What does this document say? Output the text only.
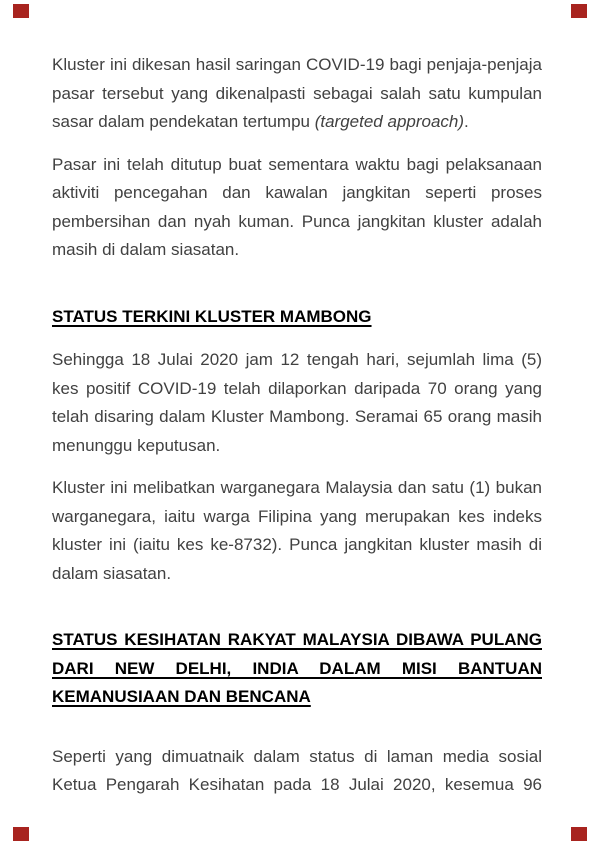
Kluster ini dikesan hasil saringan COVID-19 bagi penjaja-penjaja pasar tersebut yang dikenalpasti sebagai salah satu kumpulan sasar dalam pendekatan tertumpu (targeted approach).

Pasar ini telah ditutup buat sementara waktu bagi pelaksanaan aktiviti pencegahan dan kawalan jangkitan seperti proses pembersihan dan nyah kuman. Punca jangkitan kluster adalah masih di dalam siasatan.

STATUS TERKINI KLUSTER MAMBONG

Sehingga 18 Julai 2020 jam 12 tengah hari, sejumlah lima (5) kes positif COVID-19 telah dilaporkan daripada 70 orang yang telah disaring dalam Kluster Mambong. Seramai 65 orang masih menunggu keputusan.

Kluster ini melibatkan warganegara Malaysia dan satu (1) bukan warganegara, iaitu warga Filipina yang merupakan kes indeks kluster ini (iaitu kes ke-8732). Punca jangkitan kluster masih di dalam siasatan.

STATUS KESIHATAN RAKYAT MALAYSIA DIBAWA PULANG DARI NEW DELHI, INDIA DALAM MISI BANTUAN KEMANUSIAAN DAN BENCANA

Seperti yang dimuatnaik dalam status di laman media sosial Ketua Pengarah Kesihatan pada 18 Julai 2020, kesemua 96
